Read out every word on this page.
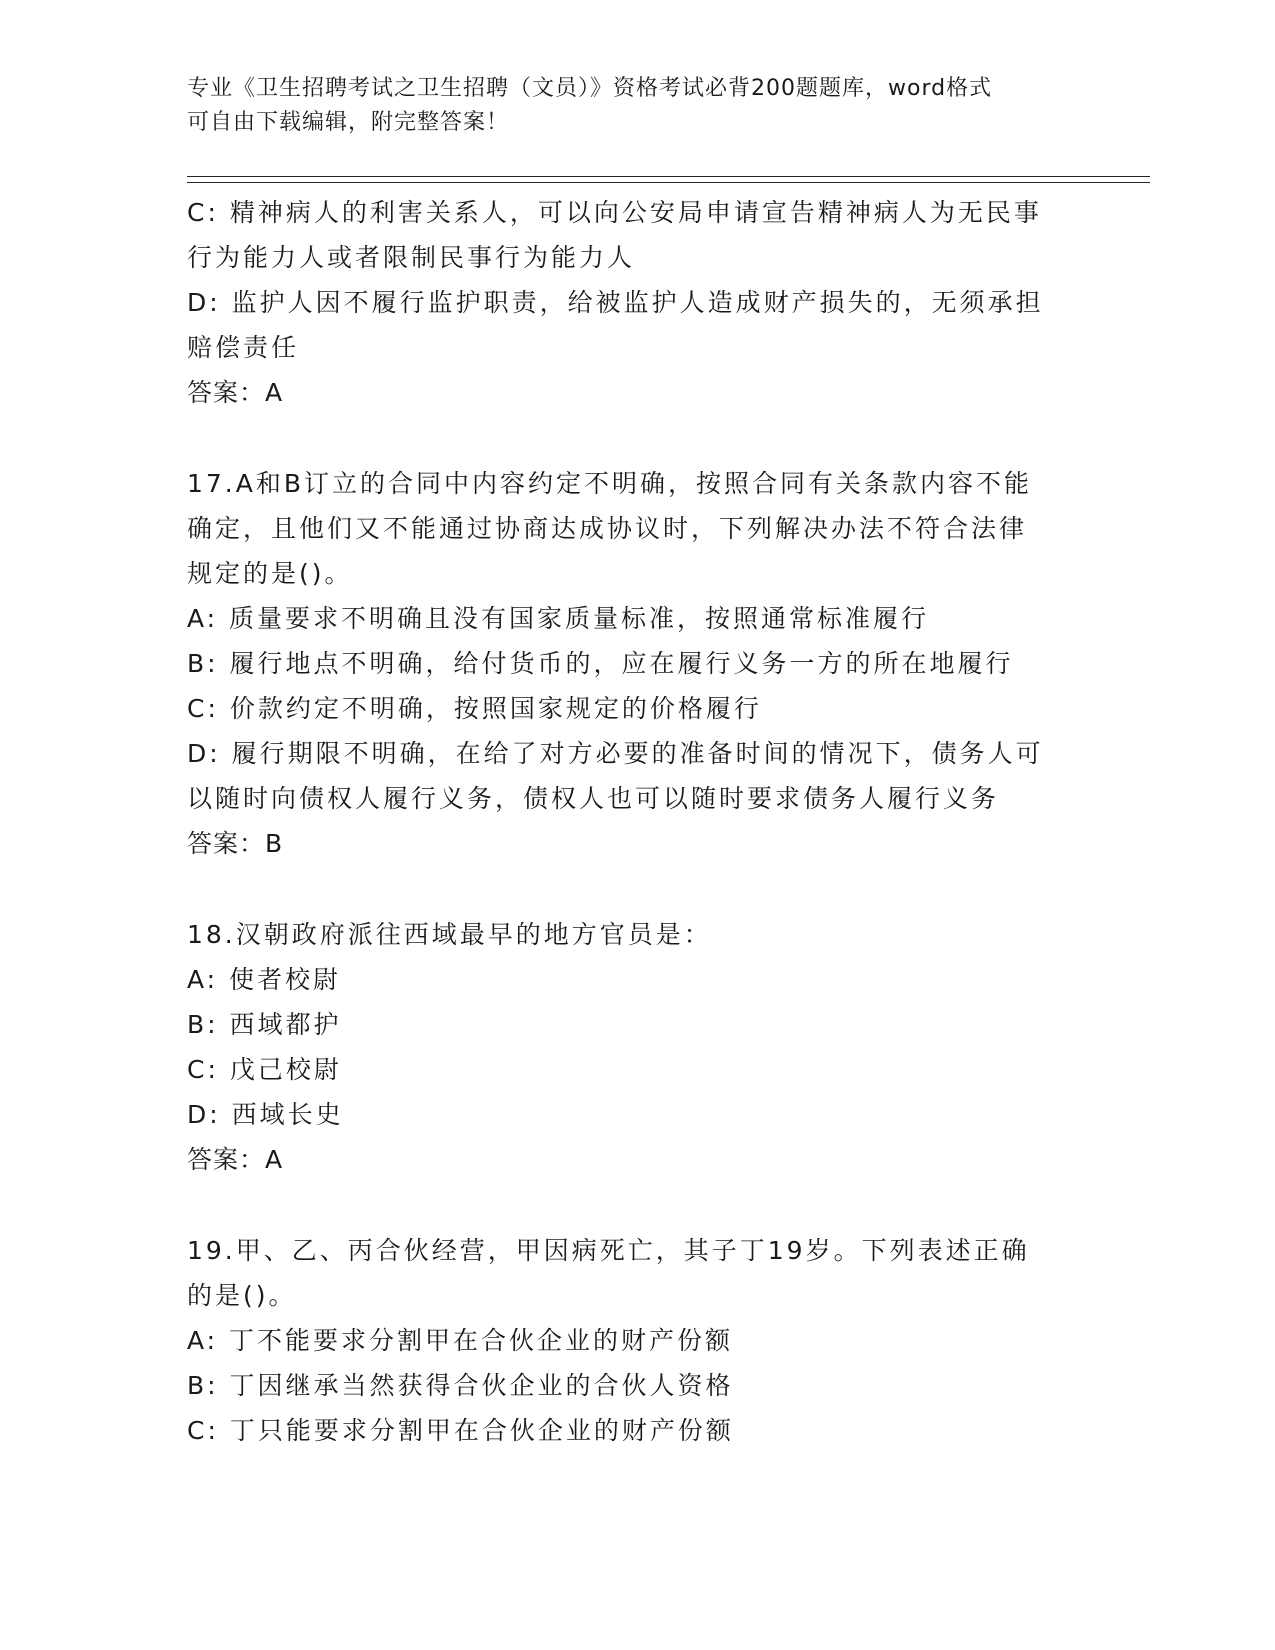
专业《卫生招聘考试之卫生招聘（文员）》资格考试必背200题题库，word格式
可自由下载编辑，附完整答案！

C: 精神病人的利害关系人，可以向公安局申请宣告精神病人为无民事

行为能力人或者限制民事行为能力人

D: 监护人因不履行监护职责，给被监护人造成财产损失的，无须承担

赔偿责任

答案：A

17.A和B订立的合同中内容约定不明确，按照合同有关条款内容不能

确定，且他们又不能通过协商达成协议时，下列解决办法不符合法律

规定的是()。

A: 质量要求不明确且没有国家质量标准，按照通常标准履行

B: 履行地点不明确，给付货币的，应在履行义务一方的所在地履行

C: 价款约定不明确，按照国家规定的价格履行

D: 履行期限不明确，在给了对方必要的准备时间的情况下，债务人可

以随时向债权人履行义务，债权人也可以随时要求债务人履行义务

答案：B

18.汉朝政府派往西域最早的地方官员是：

A: 使者校尉

B: 西域都护

C: 戊己校尉

D: 西域长史

答案：A

19.甲、乙、丙合伙经营，甲因病死亡，其子丁19岁。下列表述正确

的是()。

A: 丁不能要求分割甲在合伙企业的财产份额

B: 丁因继承当然获得合伙企业的合伙人资格

C: 丁只能要求分割甲在合伙企业的财产份额
